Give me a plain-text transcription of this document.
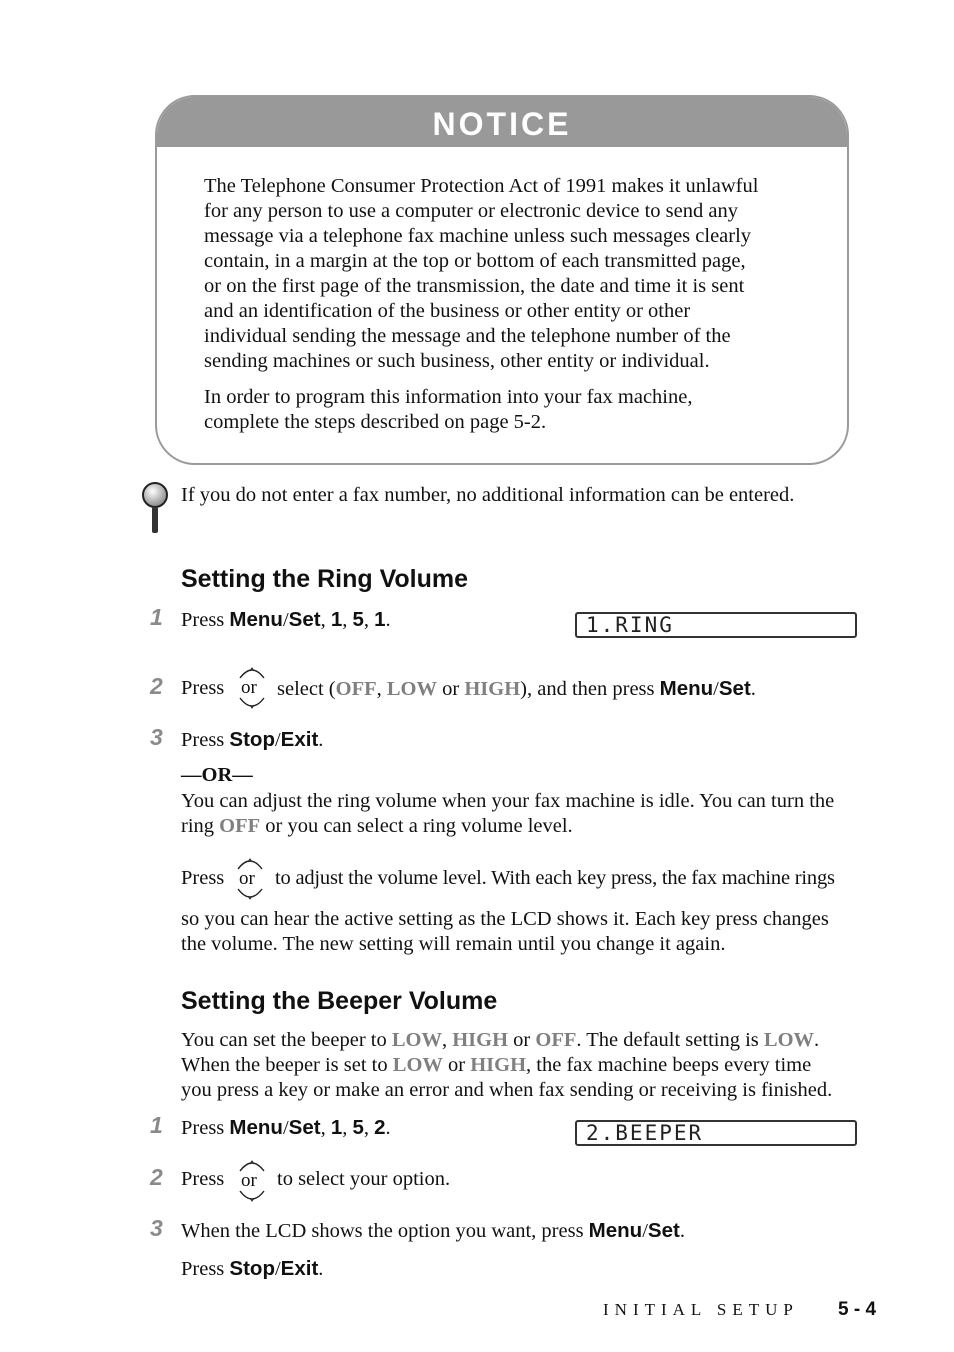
NOTICE
The Telephone Consumer Protection Act of 1991 makes it unlawful
for any person to use a computer or electronic device to send any
message via a telephone fax machine unless such messages clearly
contain, in a margin at the top or bottom of each transmitted page,
or on the first page of the transmission, the date and time it is sent
and an identification of the business or other entity or other
individual sending the message and the telephone number of the
sending machines or such business, other entity or individual.
In order to program this information into your fax machine,
complete the steps described on page 5-2.
If you do not enter a fax number, no additional information can be entered.
Setting the Ring Volume
1 Press Menu/Set, 1, 5, 1.	1.RING
2 Press or select (OFF, LOW or HIGH), and then press Menu/Set.
3 Press Stop/Exit.
—OR—
You can adjust the ring volume when your fax machine is idle. You can turn the
ring OFF or you can select a ring volume level.
Press or to adjust the volume level. With each key press, the fax machine rings
so you can hear the active setting as the LCD shows it. Each key press changes
the volume. The new setting will remain until you change it again.
Setting the Beeper Volume
You can set the beeper to LOW, HIGH or OFF. The default setting is LOW.
When the beeper is set to LOW or HIGH, the fax machine beeps every time
you press a key or make an error and when fax sending or receiving is finished.
1 Press Menu/Set, 1, 5, 2.	2.BEEPER
2 Press or to select your option.
3 When the LCD shows the option you want, press Menu/Set.
Press Stop/Exit.
INITIAL SETUP 5 - 4
